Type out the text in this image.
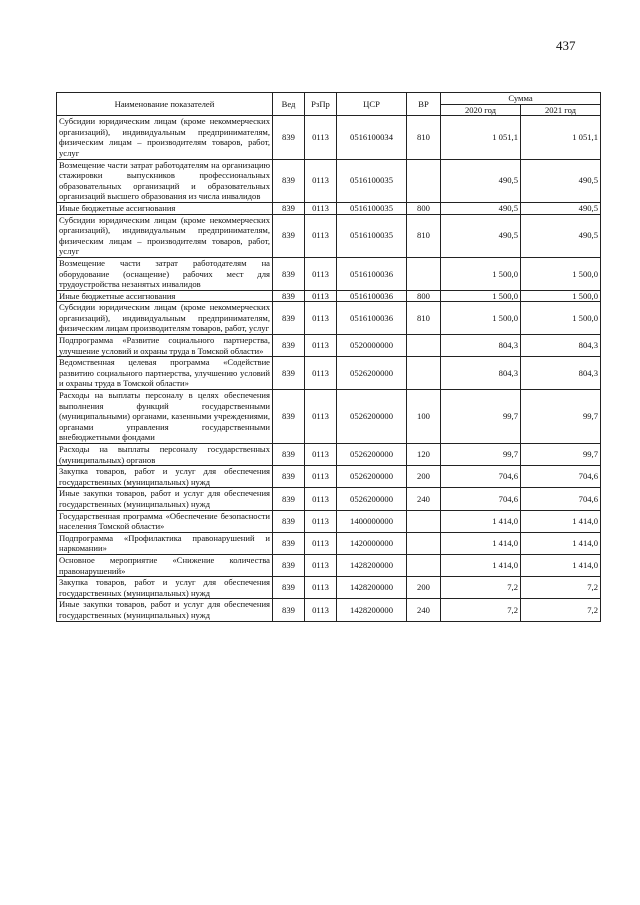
437
Наименование показателей	Вед	РзПр	ЦСР	ВР	Сумма	
					2020 год	2021 год
Субсидии юридическим лицам (кроме некоммерческих организаций), индивидуальным предпринимателям, физическим лицам – производителям товаров, работ, услуг	839	0113	0516100034	810	1 051,1	1 051,1
Возмещение части затрат работодателям на организацию стажировки выпускников профессиональных образовательных организаций и образовательных организаций высшего образования из числа инвалидов	839	0113	0516100035		490,5	490,5
Иные бюджетные ассигнования	839	0113	0516100035	800	490,5	490,5
Субсидии юридическим лицам (кроме некоммерческих организаций), индивидуальным предпринимателям, физическим лицам – производителям товаров, работ, услуг	839	0113	0516100035	810	490,5	490,5
Возмещение части затрат работодателям на оборудование (оснащение) рабочих мест для трудоустройства незанятых инвалидов	839	0113	0516100036		1 500,0	1 500,0
Иные бюджетные ассигнования	839	0113	0516100036	800	1 500,0	1 500,0
Субсидии юридическим лицам (кроме некоммерческих организаций), индивидуальным предпринимателям, физическим лицам производителям товаров, работ, услуг	839	0113	0516100036	810	1 500,0	1 500,0
Подпрограмма «Развитие социального партнерства, улучшение условий и охраны труда в Томской области»	839	0113	0520000000		804,3	804,3
Ведомственная целевая программа «Содействие развитию социального партнерства, улучшению условий и охраны труда в Томской области»	839	0113	0526200000		804,3	804,3
Расходы на выплаты персоналу в целях обеспечения выполнения функций государственными (муниципальными) органами, казенными учреждениями, органами управления государственными внебюджетными фондами	839	0113	0526200000	100	99,7	99,7
Расходы на выплаты персоналу государственных (муниципальных) органов	839	0113	0526200000	120	99,7	99,7
Закупка товаров, работ и услуг для обеспечения государственных (муниципальных) нужд	839	0113	0526200000	200	704,6	704,6
Иные закупки товаров, работ и услуг для обеспечения государственных (муниципальных) нужд	839	0113	0526200000	240	704,6	704,6
Государственная программа «Обеспечение безопасности населения Томской области»	839	0113	1400000000		1 414,0	1 414,0
Подпрограмма «Профилактика правонарушений и наркомании»	839	0113	1420000000		1 414,0	1 414,0
Основное мероприятие «Снижение количества правонарушений»	839	0113	1428200000		1 414,0	1 414,0
Закупка товаров, работ и услуг для обеспечения государственных (муниципальных) нужд	839	0113	1428200000	200	7,2	7,2
Иные закупки товаров, работ и услуг для обеспечения государственных (муниципальных) нужд	839	0113	1428200000	240	7,2	7,2
